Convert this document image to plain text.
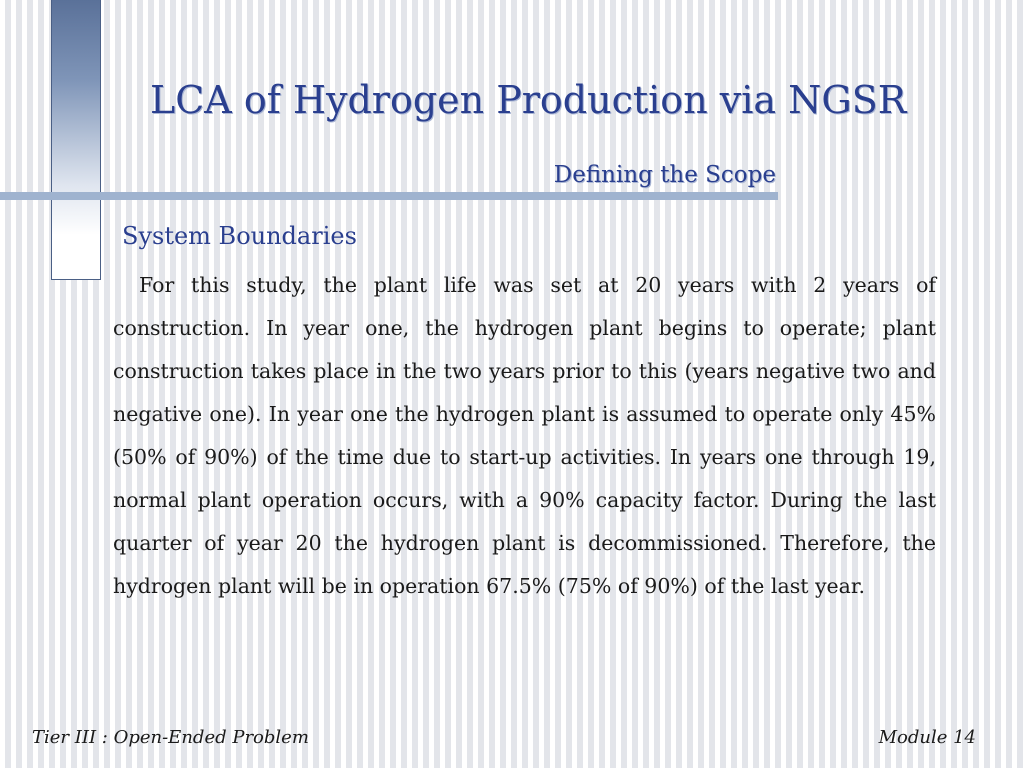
LCA of Hydrogen Production via NGSR
Defining the Scope
System Boundaries

For this study, the plant life was set at 20 years with 2 years of construction. In year one, the hydrogen plant begins to operate; plant construction takes place in the two years prior to this (years negative two and negative one). In year one the hydrogen plant is assumed to operate only 45% (50% of 90%) of the time due to start-up activities. In years one through 19, normal plant operation occurs, with a 90% capacity factor. During the last quarter of year 20 the hydrogen plant is decommissioned. Therefore, the hydrogen plant will be in operation 67.5% (75% of 90%) of the last year.

Tier III : Open-Ended Problem	Module 14
